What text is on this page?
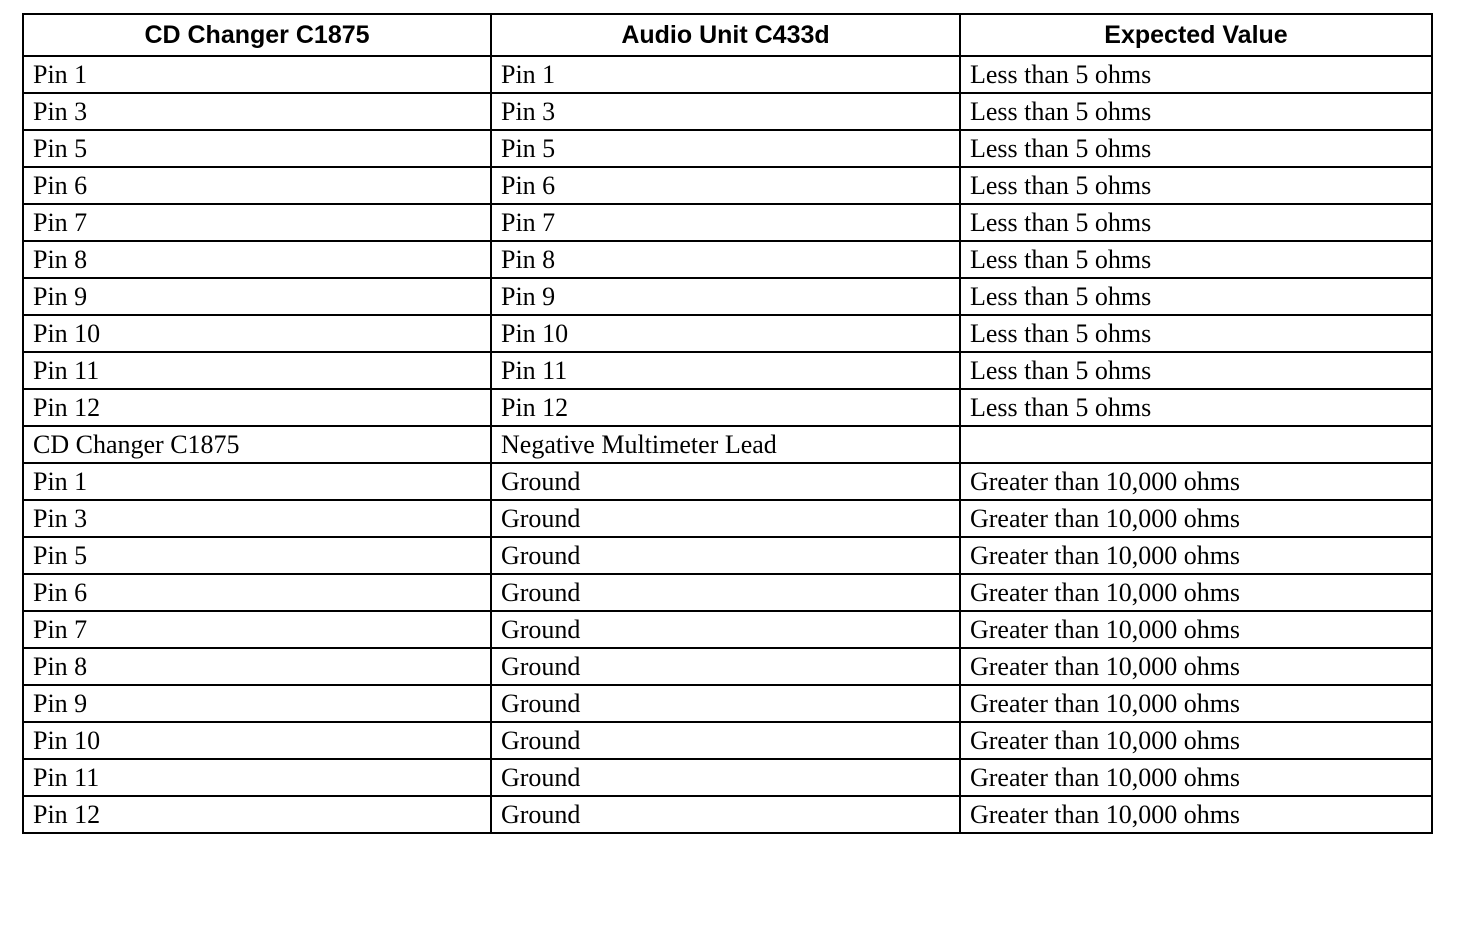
CD Changer C1875	Audio Unit C433d	Expected Value
Pin 1	Pin 1	Less than 5 ohms
Pin 3	Pin 3	Less than 5 ohms
Pin 5	Pin 5	Less than 5 ohms
Pin 6	Pin 6	Less than 5 ohms
Pin 7	Pin 7	Less than 5 ohms
Pin 8	Pin 8	Less than 5 ohms
Pin 9	Pin 9	Less than 5 ohms
Pin 10	Pin 10	Less than 5 ohms
Pin 11	Pin 11	Less than 5 ohms
Pin 12	Pin 12	Less than 5 ohms
CD Changer C1875	Negative Multimeter Lead	
Pin 1	Ground	Greater than 10,000 ohms
Pin 3	Ground	Greater than 10,000 ohms
Pin 5	Ground	Greater than 10,000 ohms
Pin 6	Ground	Greater than 10,000 ohms
Pin 7	Ground	Greater than 10,000 ohms
Pin 8	Ground	Greater than 10,000 ohms
Pin 9	Ground	Greater than 10,000 ohms
Pin 10	Ground	Greater than 10,000 ohms
Pin 11	Ground	Greater than 10,000 ohms
Pin 12	Ground	Greater than 10,000 ohms
